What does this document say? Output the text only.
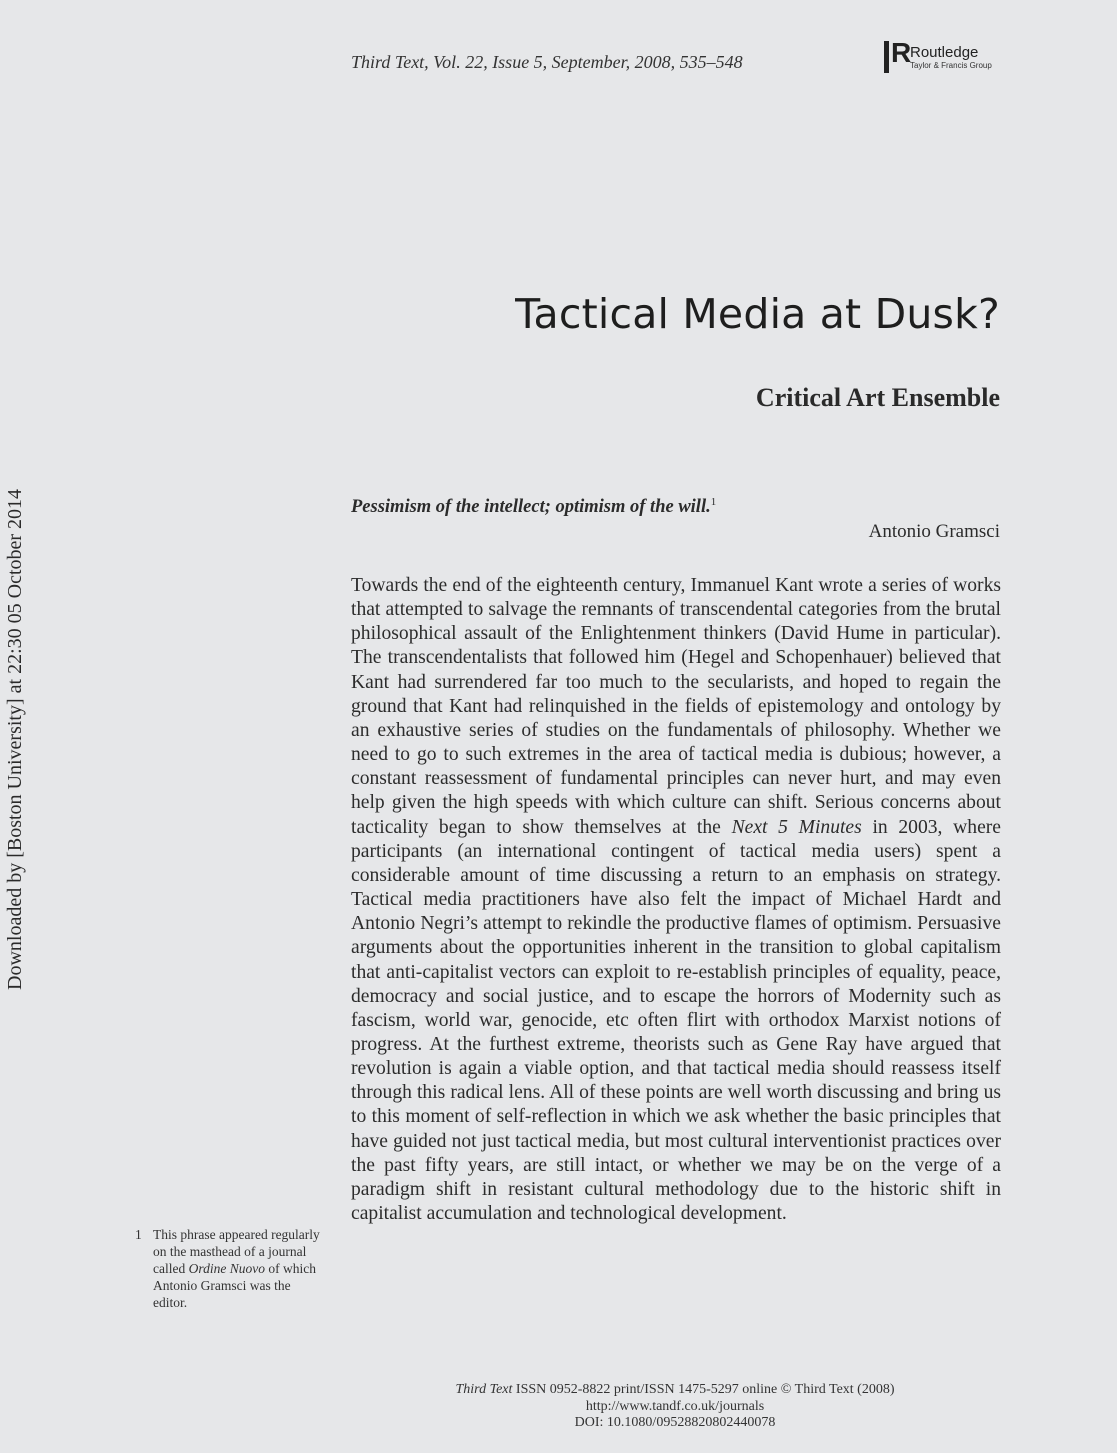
Third Text, Vol. 22, Issue 5, September, 2008, 535–548	R
Routledge
Taylor & Francis Group
Tactical Media at Dusk?
Critical Art Ensemble

Pessimism of the intellect; optimism of the will.$^1$

Antonio Gramsci

Towards the end of the eighteenth century, Immanuel Kant wrote a series of works that attempted to salvage the remnants of transcendental categories from the brutal philosophical assault of the Enlightenment thinkers (David Hume in particular). The transcendentalists that followed him (Hegel and Schopenhauer) believed that Kant had surrendered far too much to the secularists, and hoped to regain the ground that Kant had relinquished in the fields of epistemology and ontology by an exhaustive series of studies on the fundamentals of philosophy. Whether we need to go to such extremes in the area of tactical media is dubious; however, a constant reassessment of fundamental principles can never hurt, and may even help given the high speeds with which culture can shift. Serious concerns about tacticality began to show themselves at the Next 5 Minutes in 2003, where participants (an international contingent of tactical media users) spent a considerable amount of time discussing a return to an emphasis on strategy. Tactical media practitioners have also felt the impact of Michael Hardt and Antonio Negri’s attempt to rekindle the productive flames of optimism. Persuasive arguments about the opportunities inherent in the transition to global capitalism that anti-capitalist vectors can exploit to re-establish principles of equality, peace, democracy and social justice, and to escape the horrors of Modernity such as fascism, world war, genocide, etc often flirt with orthodox Marxist notions of progress. At the furthest extreme, theorists such as Gene Ray have argued that revolution is again a viable option, and that tactical media should reassess itself through this radical lens. All of these points are well worth discussing and bring us to this moment of self-reflection in which we ask whether the basic principles that have guided not just tactical media, but most cultural interventionist practices over the past fifty years, are still intact, or whether we may be on the verge of a paradigm shift in resistant cultural methodology due to the historic shift in capitalist accumulation and technological development.

1 This phrase appeared regularly on the masthead of a journal called Ordine Nuovo of which Antonio Gramsci was the editor.
Downloaded by [Boston University] at 22:30 05 October 2014
Third Text ISSN 0952-8822 print/ISSN 1475-5297 online © Third Text (2008)
http://www.tandf.co.uk/journals
DOI: 10.1080/09528820802440078
